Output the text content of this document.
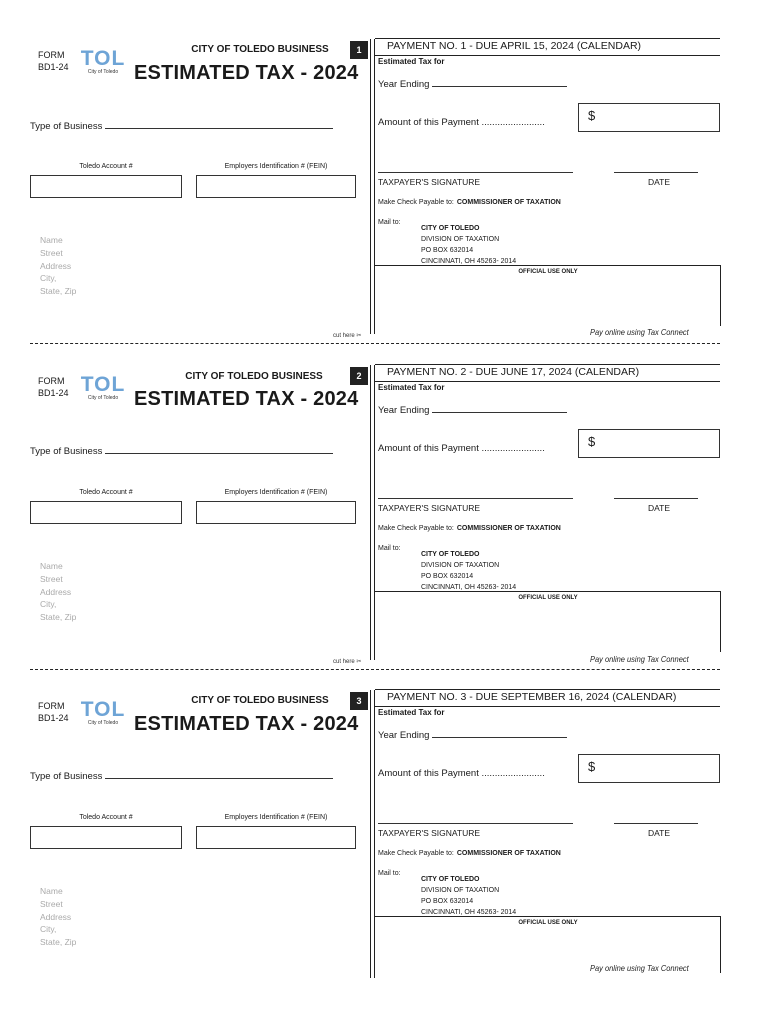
FORM
BD1-24 TOL
City of Toledo
CITY OF TOLEDO BUSINESS
ESTIMATED TAX - 2024
Type of Business
Toledo Account #	Employers Identification # (FEIN)
Name
Street
Address
City,
State, Zip
cut here ✂
1	PAYMENT NO. 1 - DUE APRIL 15, 2024 (CALENDAR)
Estimated Tax for
Year Ending
Amount of this Payment ........................	$
TAXPAYER'S SIGNATURE	DATE
Make Check Payable to: COMMISSIONER OF TAXATION
Mail to:
CITY OF TOLEDO
DIVISION OF TAXATION
PO BOX 632014
CINCINNATI, OH 45263- 2014
OFFICIAL USE ONLY
Pay online using Tax Connect
FORM
BD1-24 TOL
City of Toledo
CITY OF TOLEDO BUSINESS
ESTIMATED TAX - 2024
Type of Business
Toledo Account #	Employers Identification # (FEIN)
Name
Street
Address
City,
State, Zip
cut here ✂
2	PAYMENT NO. 2 - DUE JUNE 17, 2024 (CALENDAR)
Estimated Tax for
Year Ending
Amount of this Payment ........................	$
TAXPAYER'S SIGNATURE	DATE
Make Check Payable to: COMMISSIONER OF TAXATION
Mail to:
CITY OF TOLEDO
DIVISION OF TAXATION
PO BOX 632014
CINCINNATI, OH 45263- 2014
OFFICIAL USE ONLY
Pay online using Tax Connect
FORM
BD1-24 TOL
City of Toledo
CITY OF TOLEDO BUSINESS
ESTIMATED TAX - 2024
Type of Business
Toledo Account #	Employers Identification # (FEIN)
Name
Street
Address
City,
State, Zip
3	PAYMENT NO. 3 - DUE SEPTEMBER 16, 2024 (CALENDAR)
Estimated Tax for
Year Ending
Amount of this Payment ........................	$
TAXPAYER'S SIGNATURE	DATE
Make Check Payable to: COMMISSIONER OF TAXATION
Mail to:
CITY OF TOLEDO
DIVISION OF TAXATION
PO BOX 632014
CINCINNATI, OH 45263- 2014
OFFICIAL USE ONLY
Pay online using Tax Connect
